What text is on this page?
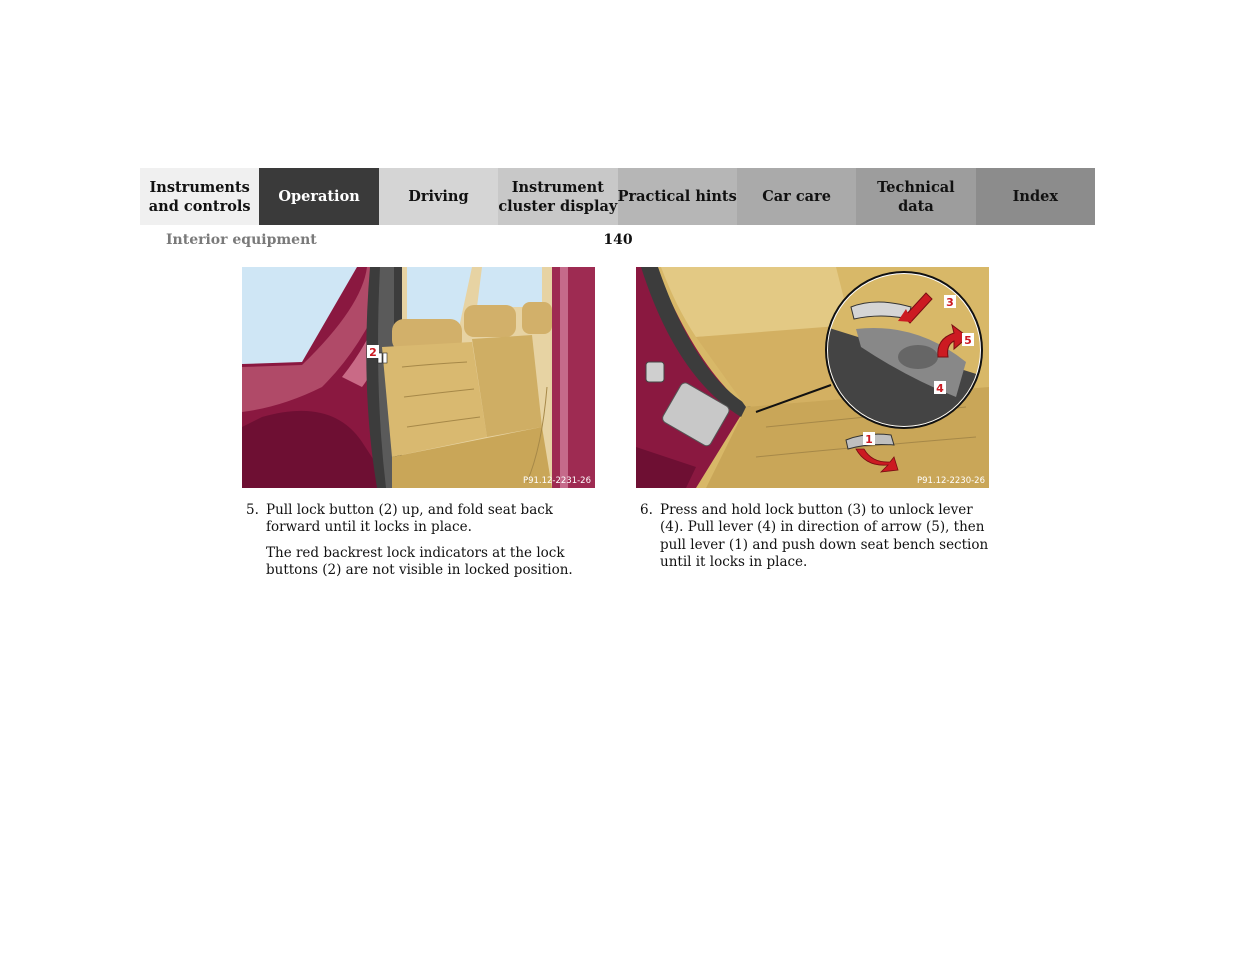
Instruments
and controls
Operation	Driving
Instrument
cluster display
Practical hints Car care
Technical
data
Index
Interior equipment	140
2
P91.12-2231-26
1
3
5
4
P91.12-2230-26
5. Pull lock button (2) up, and fold seat back forward until it locks in place.

The red backrest lock indicators at the lock buttons (2) are not visible in locked position.

6. Press and hold lock button (3) to unlock lever (4). Pull lever (4) in direction of arrow (5), then pull lever (1) and push down seat bench section until it locks in place.
